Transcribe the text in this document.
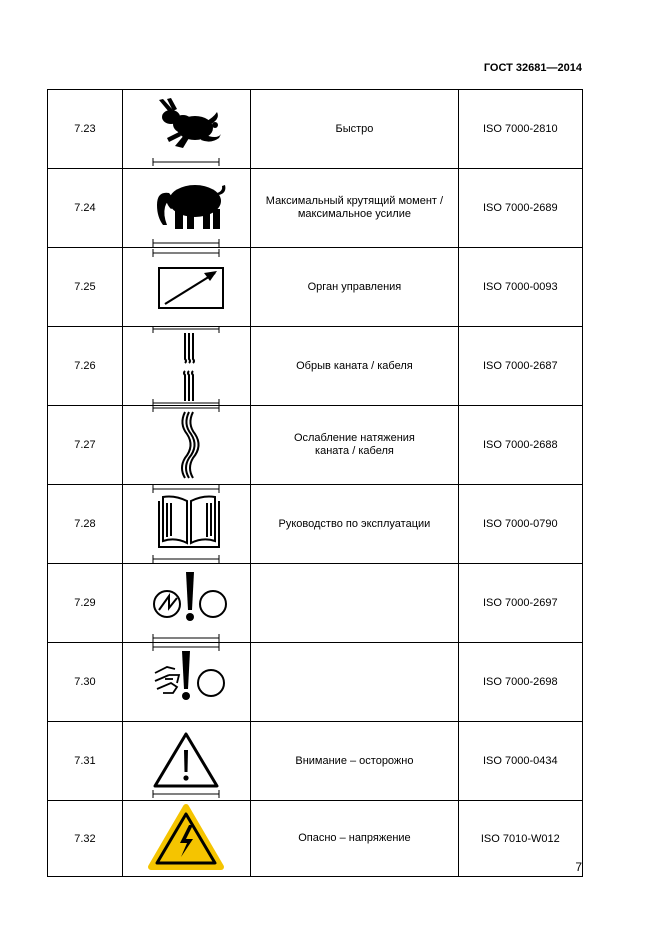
ГОСТ 32681—2014
7.23		Быстро	ISO 7000-2810
7.24		Максимальный крутящий момент /
максимальное усилие	ISO 7000-2689
7.25		Орган управления	ISO 7000-0093
7.26		Обрыв каната / кабеля	ISO 7000-2687
7.27		Ослабление натяжения
каната / кабеля	ISO 7000-2688
7.28		Руководство по эксплуатации	ISO 7000-0790
7.29			ISO 7000-2697
7.30			ISO 7000-2698
7.31		Внимание – осторожно	ISO 7000-0434
7.32		Опасно – напряжение	ISO 7010-W012
7
